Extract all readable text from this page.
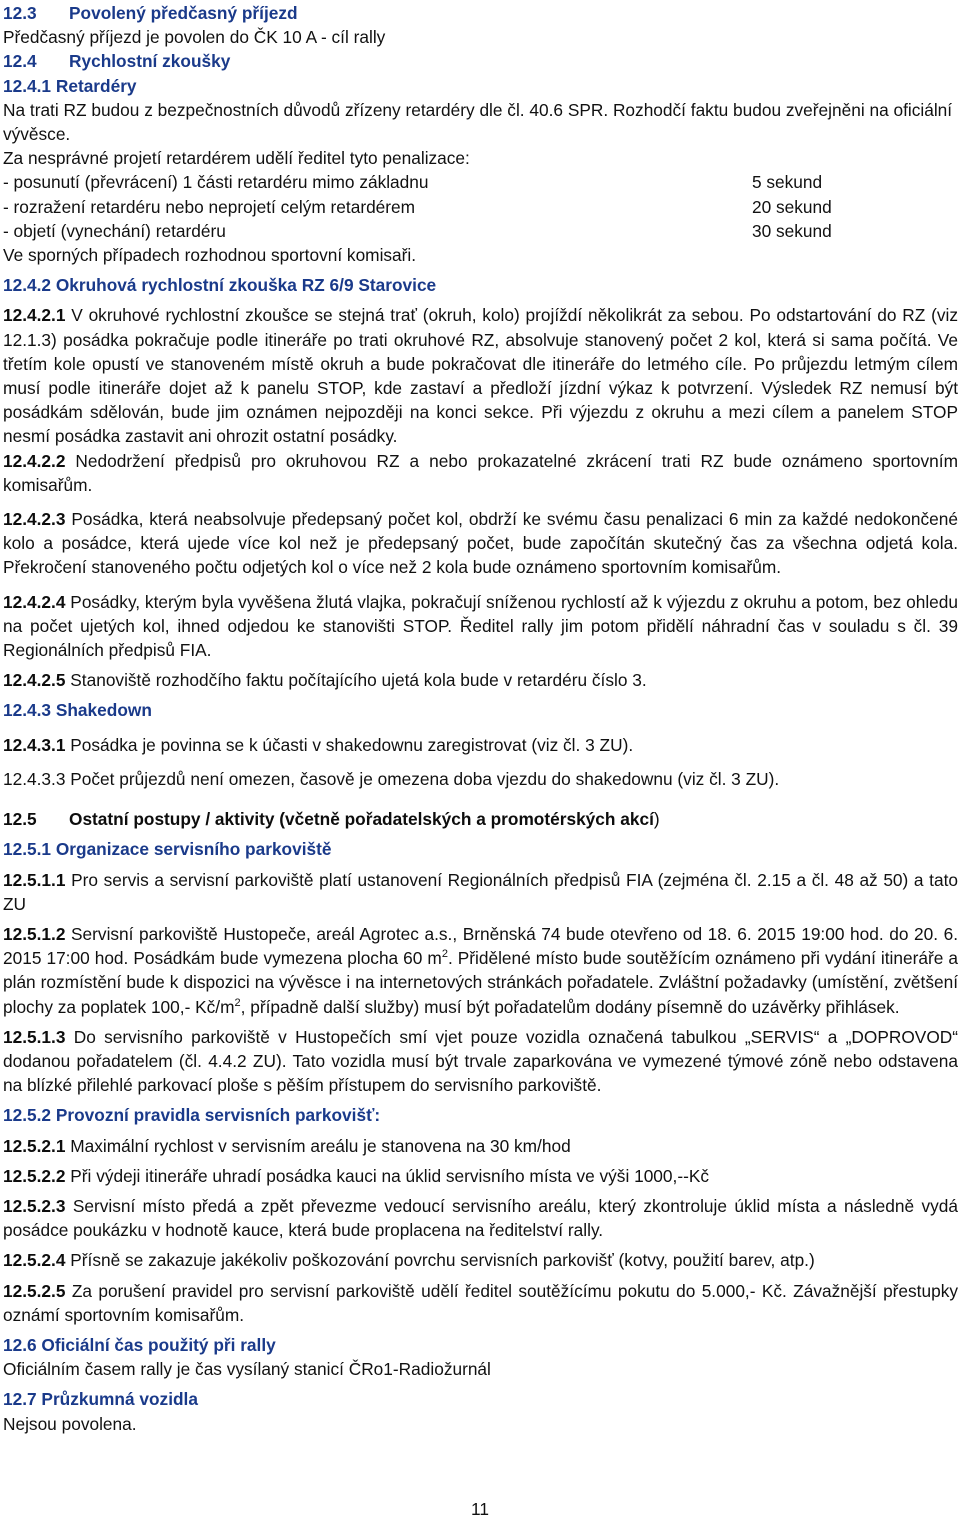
12.3 Povolený předčasný příjezd

Předčasný příjezd je povolen do ČK 10 A - cíl rally

12.4 Rychlostní zkoušky

12.4.1 Retardéry

Na trati RZ budou z bezpečnostních důvodů zřízeny retardéry dle čl. 40.6 SPR. Rozhodčí faktu budou zveřejněni na oficiální vývěsce.

Za nesprávné projetí retardérem udělí ředitel tyto penalizace:

- posunutí (převrácení) 1 části retardéru mimo základnu	5 sekund
- rozražení retardéru nebo neprojetí celým retardérem	20 sekund
- objetí (vynechání) retardéru	30 sekund

Ve sporných případech rozhodnou sportovní komisaři.

12.4.2 Okruhová rychlostní zkouška RZ 6/9 Starovice

12.4.2.1 V okruhové rychlostní zkoušce se stejná trať (okruh, kolo) projíždí několikrát za sebou. Po odstartování do RZ (viz 12.1.3) posádka pokračuje podle itineráře po trati okruhové RZ, absolvuje stanovený počet 2 kol, která si sama počítá. Ve třetím kole opustí ve stanoveném místě okruh a bude pokračovat dle itineráře do letmého cíle. Po průjezdu letmým cílem musí podle itineráře dojet až k panelu STOP, kde zastaví a předloží jízdní výkaz k potvrzení. Výsledek RZ nemusí být posádkám sdělován, bude jim oznámen nejpozději na konci sekce. Při výjezdu z okruhu a mezi cílem a panelem STOP nesmí posádka zastavit ani ohrozit ostatní posádky.

12.4.2.2 Nedodržení předpisů pro okruhovou RZ a nebo prokazatelné zkrácení trati RZ bude oznámeno sportovním komisařům.

12.4.2.3 Posádka, která neabsolvuje předepsaný počet kol, obdrží ke svému času penalizaci 6 min za každé nedokončené kolo a posádce, která ujede více kol než je předepsaný počet, bude započítán skutečný čas za všechna odjetá kola. Překročení stanoveného počtu odjetých kol o více než 2 kola bude oznámeno sportovním komisařům.

12.4.2.4 Posádky, kterým byla vyvěšena žlutá vlajka, pokračují sníženou rychlostí až k výjezdu z okruhu a potom, bez ohledu na počet ujetých kol, ihned odjedou ke stanovišti STOP. Ředitel rally jim potom přidělí náhradní čas v souladu s čl. 39 Regionálních předpisů FIA.

12.4.2.5 Stanoviště rozhodčího faktu počítajícího ujetá kola bude v retardéru číslo 3.

12.4.3 Shakedown

12.4.3.1 Posádka je povinna se k účasti v shakedownu zaregistrovat (viz čl. 3 ZU).

12.4.3.3 Počet průjezdů není omezen, časově je omezena doba vjezdu do shakedownu (viz čl. 3 ZU).

12.5 Ostatní postupy / aktivity (včetně pořadatelských a promotérských akcí)

12.5.1 Organizace servisního parkoviště

12.5.1.1 Pro servis a servisní parkoviště platí ustanovení Regionálních předpisů FIA (zejména čl. 2.15 a čl. 48 až 50) a tato ZU

12.5.1.2 Servisní parkoviště Hustopeče, areál Agrotec a.s., Brněnská 74 bude otevřeno od 18. 6. 2015 19:00 hod. do 20. 6. 2015 17:00 hod. Posádkám bude vymezena plocha 60 $m^2$. Přidělené místo bude soutěžícím oznámeno při vydání itineráře a plán rozmístění bude k dispozici na vývěsce i na internetových stránkách pořadatele. Zvláštní požadavky (umístění, zvětšení plochy za poplatek 100,- $Kč/m^2$, případně další služby) musí být pořadatelům dodány písemně do uzávěrky přihlásek.

12.5.1.3 Do servisního parkoviště v Hustopečích smí vjet pouze vozidla označená tabulkou „SERVIS“ a „DOPROVOD“ dodanou pořadatelem (čl. 4.4.2 ZU). Tato vozidla musí být trvale zaparkována ve vymezené týmové zóně nebo odstavena na blízké přilehlé parkovací ploše s pěším přístupem do servisního parkoviště.

12.5.2 Provozní pravidla servisních parkovišť:

12.5.2.1 Maximální rychlost v servisním areálu je stanovena na 30 km/hod

12.5.2.2 Při výdeji itineráře uhradí posádka kauci na úklid servisního místa ve výši 1000,--Kč

12.5.2.3 Servisní místo předá a zpět převezme vedoucí servisního areálu, který zkontroluje úklid místa a následně vydá posádce poukázku v hodnotě kauce, která bude proplacena na ředitelství rally.

12.5.2.4 Přísně se zakazuje jakékoliv poškozování povrchu servisních parkovišť (kotvy, použití barev, atp.)

12.5.2.5 Za porušení pravidel pro servisní parkoviště udělí ředitel soutěžícímu pokutu do 5.000,- Kč. Závažnější přestupky oznámí sportovním komisařům.

12.6 Oficiální čas použitý při rally

Oficiálním časem rally je čas vysílaný stanicí ČRo1-Radiožurnál

12.7 Průzkumná vozidla

Nejsou povolena.

11
